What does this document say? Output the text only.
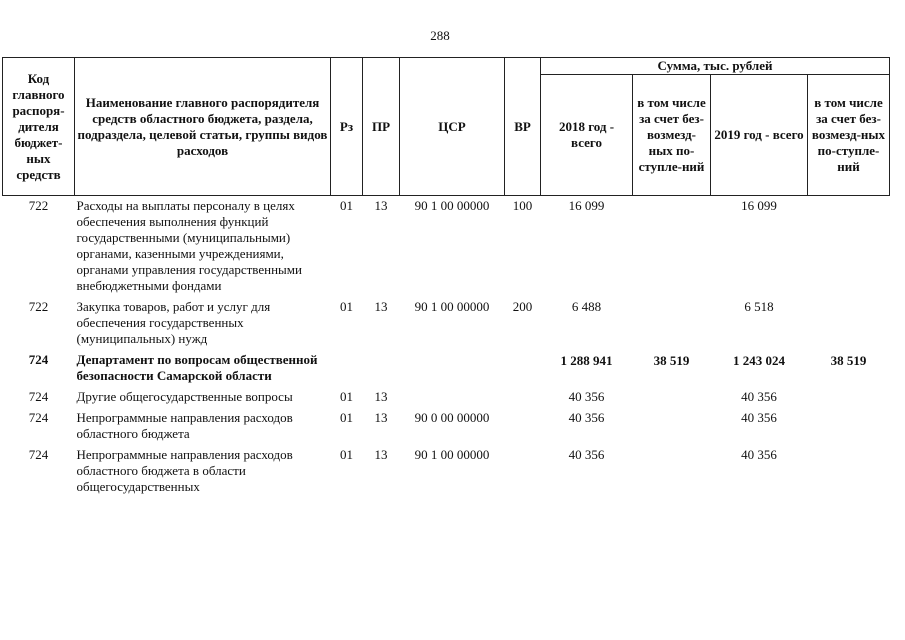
288
Код главного распоря-дителя бюджет-ных средств	Наименование главного распорядителя средств областного бюджета, раздела, подраздела, целевой статьи, группы видов расходов	Рз	ПР	ЦСР	ВР	Сумма, тыс. рублей			
						2018 год - всего	в том числе за счет без-возмезд-ных по-ступле-ний	2019 год - всего	в том числе за счет без-возмезд-ных по-ступле-ний
722	Расходы на выплаты персоналу в целях обеспечения выполнения функций государственными (муниципальными) органами, казенными учреждениями, органами управления государственными внебюджетными фондами	01	13	90 1 00 00000	100	16 099		16 099	
722	Закупка товаров, работ и услуг для обеспечения государственных (муниципальных) нужд	01	13	90 1 00 00000	200	6 488		6 518	
724	Департамент по вопросам общественной безопасности Самарской области					1 288 941	38 519	1 243 024	38 519
724	Другие общегосударственные вопросы	01	13			40 356		40 356	
724	Непрограммные направления расходов областного бюджета	01	13	90 0 00 00000		40 356		40 356	
724	Непрограммные направления расходов областного бюджета в области общегосударственных	01	13	90 1 00 00000		40 356		40 356	
